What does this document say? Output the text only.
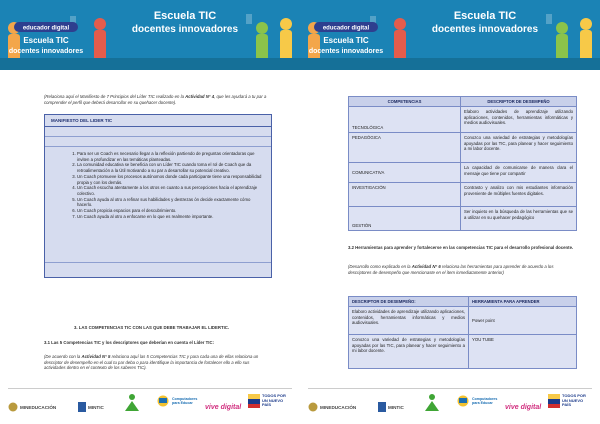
educador digital
Escuela TIC
docentes innovadores
Escuela TIC
docentes innovadores
(Relaciona aquí el Manifiesto de 7 Principios del Líder TIC realizado en la Actividad N° 4, que les ayudará a tu par a comprender el perfil que deberá desarrollar en su quehacer docente).
MANIFIESTO DEL LIDER TIC
1. Para ser un Coach es necesario llegar a la reflexión partiendo de preguntas orientadoras que inviten a profundizar en las temáticas planteadas.
2. La comunidad educativa se beneficia con un Líder TIC cuando toma el rol de Coach que da retroalimentación a la Útil motivando a su par a desarrollar su potencial creativo.
3. Un Coach promueve los procesos autónomos donde cada participante tiene una responsabilidad propia y con los demás.
4. Un Coach escucha atentamente a los otros en cuanto a sus percepciones hacia el aprendizaje colectivo.
5. Un Coach ayuda al otro a refinar sus habilidades y destrezas ón decide exactamente cómo hacerlo.
6. Un Coach propicia espacios para el descubrimiento.
7. Un Coach ayuda al otro a enfocarse en lo que es realmente importante.
3. LAS COMPETENCIAS TIC CON LAS QUE DEBE TRABAJAR EL LIDERTIC.
3.1 Las 5 Competencias TIC y los descriptores que deberían en cuenta el Líder TIC:
(De acuerdo con la Actividad N° 5 relaciona aquí las 5 Competencias TIC y para cada una de ellas relaciona un descriptor de desempeño en el cual tu par deba o para identifique la importancia de fortalecer ello a ello sus actividades dentro en el contexto de los saberes TIC).
MINEDUCACIÓN	MINTIC
Computadores para Educar
vive digital
TODOS POR UN NUEVO PAÍS
educador digital
Escuela TIC
docentes innovadores
Escuela TIC
docentes innovadores
COMPETENCIAS	DESCRIPTOR DE DESEMPEÑO
TECNOLÓGICA	Elaboro actividades de aprendizaje utilizando aplicaciones, contenidos, herramientas informáticas y medios audiovisuales.
PEDAGÓGICA	Conozco una variedad de estrategias y metodologías apoyadas por las TIC, para planear y hacer seguimiento a mi labor docente.
COMUNICATIVA	La capacidad de comunicarse de manera clara el mensaje que tiene por compartir
INVESTIGACIÓN	Contrasto y analizo con mis estudiantes información proveniente de múltiples fuentes digitales.
GESTIÓN	Ser inquieto en la búsqueda de las herramientas que se a utilizar en su quehacer pedagógico
3.2 Herramientas para aprender y fortalecerse en las competencias TIC para el desarrollo profesional docente.
(Desarrollo como explicado en la Actividad N° 6 relaciona las herramientas para aprender de acuerdo a los descriptores de desempeño que mencionaste en el ítem inmediatamente anterior)
DESCRIPTOR DE DESEMPEÑO:	HERRAMIENTA PARA APRENDER
Elaboro actividades de aprendizaje utilizando aplicaciones, contenidos, herramientas informáticas y medios audiovisuales.	Power point
Conozco una variedad de estrategias y metodologías apoyadas por las TIC, para planear y hacer seguimiento a mi labor docente.	YOU TUBE
MINEDUCACIÓN	MINTIC
Computadores para Educar
vive digital
TODOS POR UN NUEVO PAÍS
